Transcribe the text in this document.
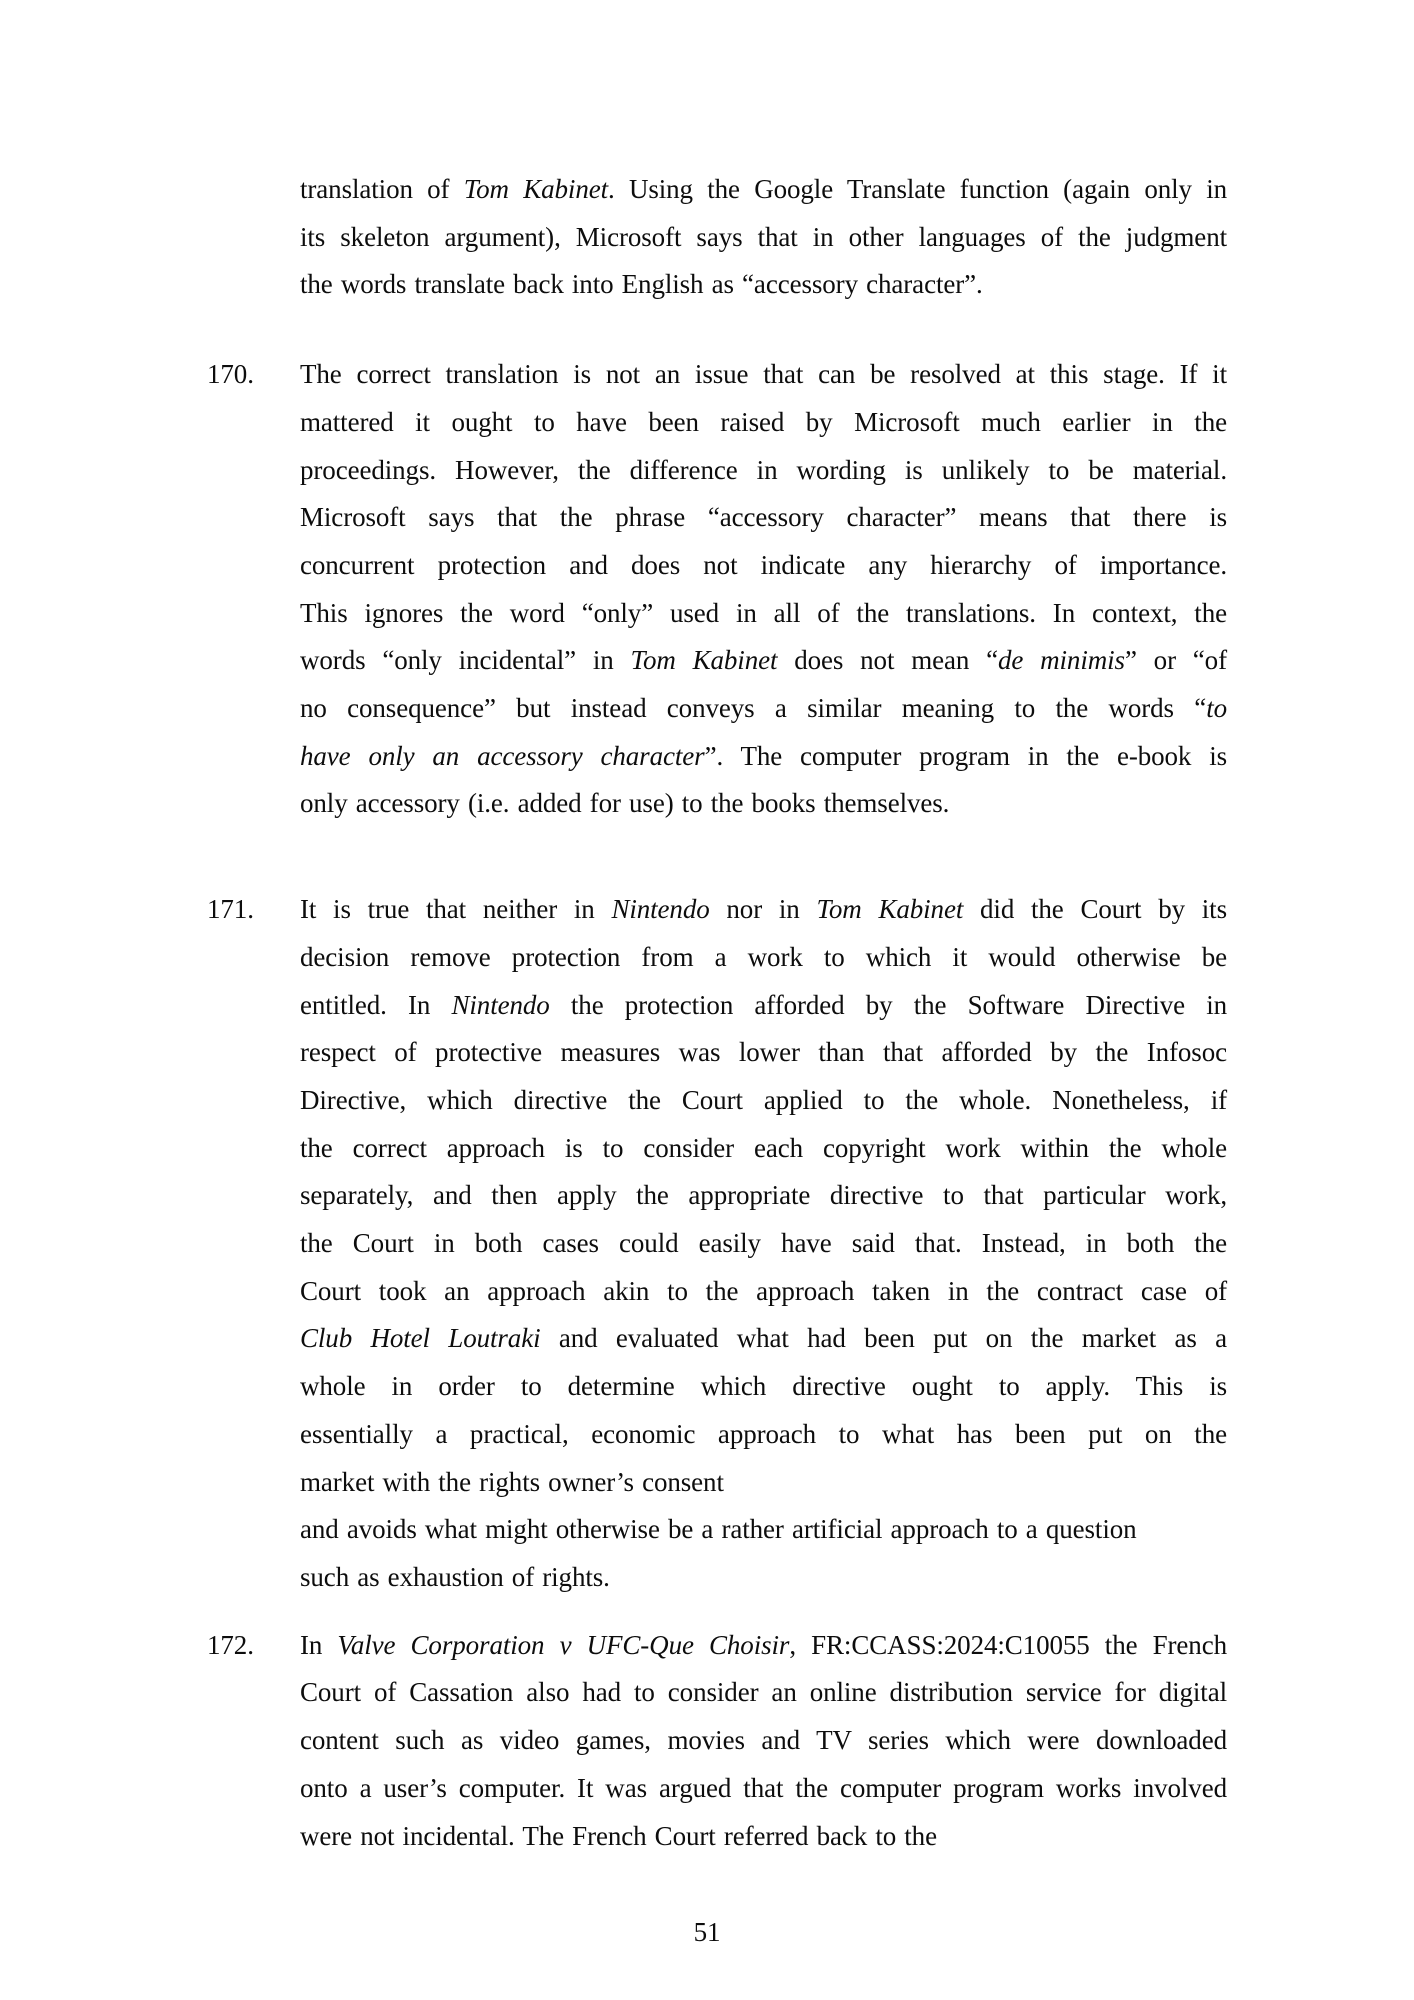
translation of Tom Kabinet. Using the Google Translate function (again only in
its skeleton argument), Microsoft says that in other languages of the judgment
the words translate back into English as “accessory character”.
170.	The correct translation is not an issue that can be resolved at this stage. If it
mattered it ought to have been raised by Microsoft much earlier in the
proceedings. However, the difference in wording is unlikely to be material.
Microsoft says that the phrase “accessory character” means that there is
concurrent protection and does not indicate any hierarchy of importance.
This ignores the word “only” used in all of the translations. In context, the
words “only incidental” in Tom Kabinet does not mean “de minimis” or “of
no consequence” but instead conveys a similar meaning to the words “to
have only an accessory character”. The computer program in the e-book is
only accessory (i.e. added for use) to the books themselves.
171.	It is true that neither in Nintendo nor in Tom Kabinet did the Court by its
decision remove protection from a work to which it would otherwise be
entitled. In Nintendo the protection afforded by the Software Directive in
respect of protective measures was lower than that afforded by the Infosoc
Directive, which directive the Court applied to the whole. Nonetheless, if
the correct approach is to consider each copyright work within the whole
separately, and then apply the appropriate directive to that particular work,
the Court in both cases could easily have said that. Instead, in both the
Court took an approach akin to the approach taken in the contract case of
Club Hotel Loutraki and evaluated what had been put on the market as a
whole in order to determine which directive ought to apply. This is
essentially a practical, economic approach to what has been put on the
market with the rights owner’s consent
and avoids what might otherwise be a rather artificial approach to a question
such as exhaustion of rights.
172.	In Valve Corporation v UFC-Que Choisir, FR:CCASS:2024:C10055 the French
Court of Cassation also had to consider an online distribution service for digital
content such as video games, movies and TV series which were downloaded
onto a user’s computer. It was argued that the computer program works involved
were not incidental. The French Court referred back to the
51
